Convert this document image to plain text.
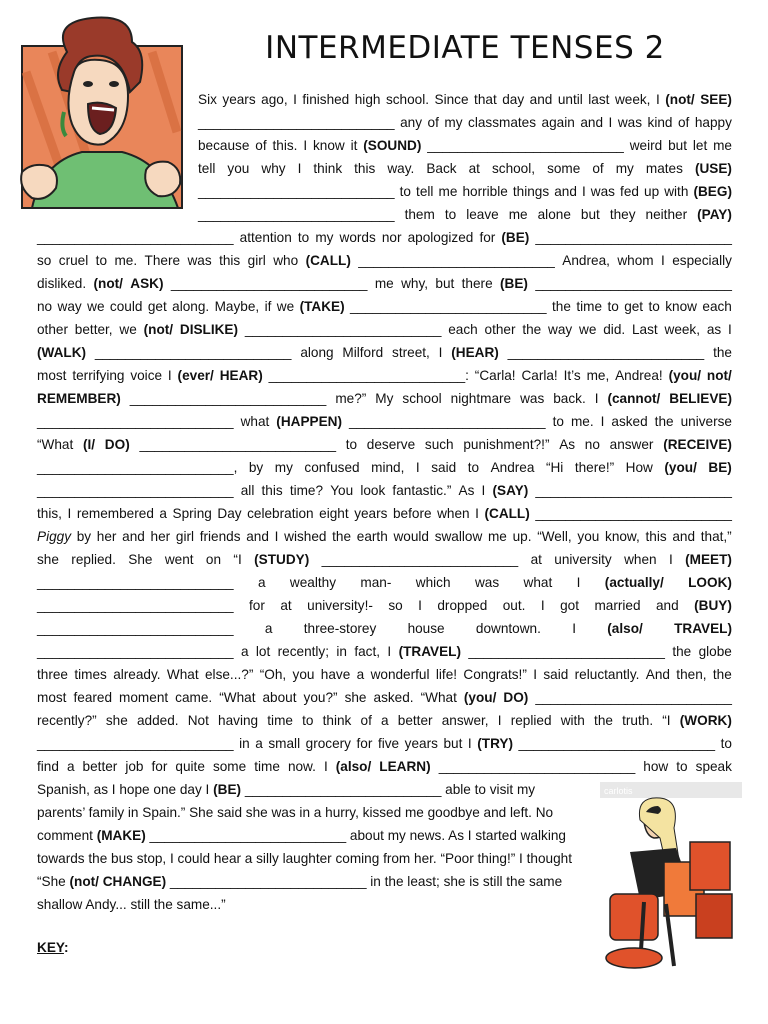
INTERMEDIATE TENSES 2
carlotis
Six years ago, I finished high school. Since that day and until last week, I (not/ SEE)
__________________________ any of my classmates again and I was kind of happy
because of this. I know it (SOUND) __________________________ weird but let me
tell you why I think this way. Back at school, some of my mates (USE)
__________________________ to tell me horrible things and I was fed up with (BEG)
__________________________ them to leave me alone but they neither (PAY)
__________________________ attention to my words nor apologized for (BE) __________________________
so cruel to me. There was this girl who (CALL) __________________________ Andrea, whom I especially
disliked. (not/ ASK) __________________________ me why, but there (BE) __________________________
no way we could get along. Maybe, if we (TAKE) __________________________ the time to get to know each
other better, we (not/ DISLIKE) __________________________ each other the way we did. Last week, as I
(WALK) __________________________ along Milford street, I (HEAR) __________________________ the
most terrifying voice I (ever/ HEAR) __________________________: “Carla! Carla! It’s me, Andrea! (you/ not/
REMEMBER) __________________________ me?” My school nightmare was back. I (cannot/ BELIEVE)
__________________________ what (HAPPEN) __________________________ to me. I asked the universe
“What (I/ DO) __________________________ to deserve such punishment?!” As no answer (RECEIVE)
__________________________, by my confused mind, I said to Andrea “Hi there!” How (you/ BE)
__________________________ all this time? You look fantastic.” As I (SAY) __________________________
this, I remembered a Spring Day celebration eight years before when I (CALL) __________________________
Piggy by her and her girl friends and I wished the earth would swallow me up. “Well, you know, this and that,”
she replied. She went on “I (STUDY) __________________________ at university when I (MEET)
__________________________ a wealthy man- which was what I (actually/ LOOK)
__________________________ for at university!- so I dropped out. I got married and (BUY)
__________________________ a three-storey house downtown. I (also/ TRAVEL)
__________________________ a lot recently; in fact, I (TRAVEL) __________________________ the globe
three times already. What else...?” “Oh, you have a wonderful life! Congrats!” I said reluctantly. And then, the
most feared moment came. “What about you?” she asked. “What (you/ DO) __________________________
recently?” she added. Not having time to think of a better answer, I replied with the truth. “I (WORK)
__________________________ in a small grocery for five years but I (TRY) __________________________ to
find a better job for quite some time now. I (also/ LEARN) __________________________ how to speak
Spanish, as I hope one day I (BE) __________________________ able to visit my
parents’ family in Spain.” She said she was in a hurry, kissed me goodbye and left. No
comment (MAKE) __________________________ about my news. As I started walking
towards the bus stop, I could hear a silly laughter coming from her. “Poor thing!” I thought
“She (not/ CHANGE) __________________________ in the least; she is still the same
shallow Andy... still the same...”
KEY:
